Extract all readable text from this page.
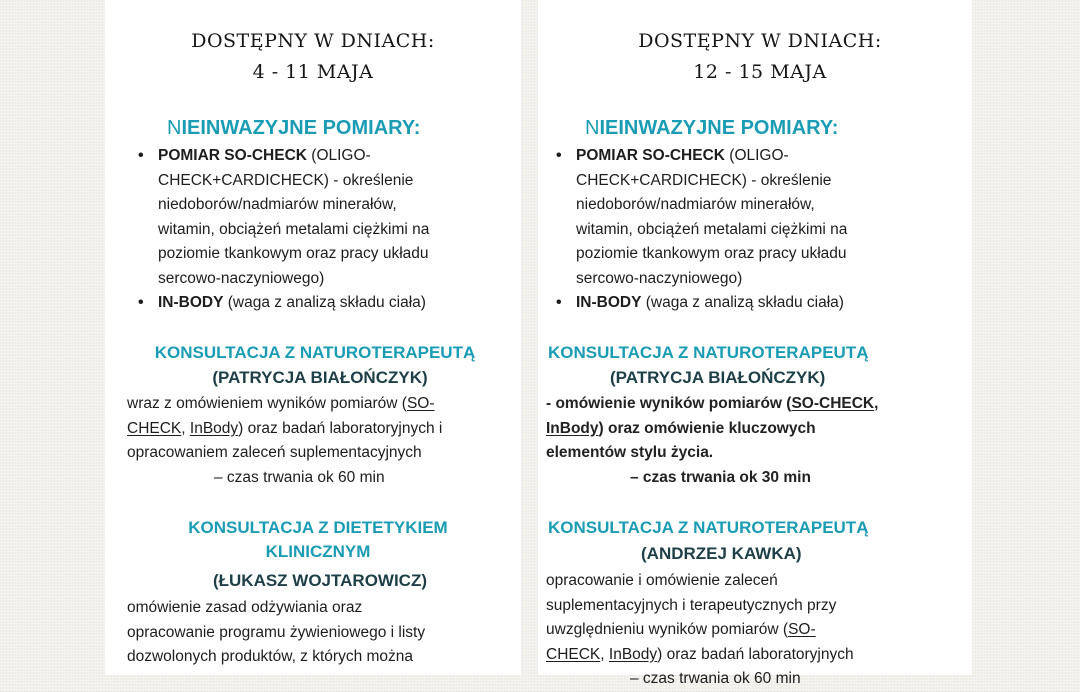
DOSTĘPNY W DNIACH:
4 - 11 MAJA
NIEINWAZYJNE POMIARY:
• POMIAR SO-CHECK (OLIGO-
CHECK+CARDICHECK) - określenie
niedoborów/nadmiarów minerałów,
witamin, obciążeń metalami ciężkimi na
poziomie tkankowym oraz pracy układu
sercowo-naczyniowego)
• IN-BODY (waga z analizą składu ciała)
KONSULTACJA Z NATUROTERAPEUTĄ
(PATRYCJA BIAŁOŃCZYK)
wraz z omówieniem wyników pomiarów (SO-
CHECK, InBody) oraz badań laboratoryjnych i
opracowaniem zaleceń suplementacyjnych
– czas trwania ok 60 min
KONSULTACJA Z DIETETYKIEM
KLINICZNYM
(ŁUKASZ WOJTAROWICZ)
omówienie zasad odżywiania oraz
opracowanie programu żywieniowego i listy
dozwolonych produktów, z których można
DOSTĘPNY W DNIACH:
12 - 15 MAJA
NIEINWAZYJNE POMIARY:
• POMIAR SO-CHECK (OLIGO-
CHECK+CARDICHECK) - określenie
niedoborów/nadmiarów minerałów,
witamin, obciążeń metalami ciężkimi na
poziomie tkankowym oraz pracy układu
sercowo-naczyniowego)
• IN-BODY (waga z analizą składu ciała)
KONSULTACJA Z NATUROTERAPEUTĄ
(PATRYCJA BIAŁOŃCZYK)
- omówienie wyników pomiarów (SO-CHECK,
InBody) oraz omówienie kluczowych
elementów stylu życia.
– czas trwania ok 30 min
KONSULTACJA Z NATUROTERAPEUTĄ
(ANDRZEJ KAWKA)
opracowanie i omówienie zaleceń
suplementacyjnych i terapeutycznych przy
uwzględnieniu wyników pomiarów (SO-
CHECK, InBody) oraz badań laboratoryjnych
– czas trwania ok 60 min
